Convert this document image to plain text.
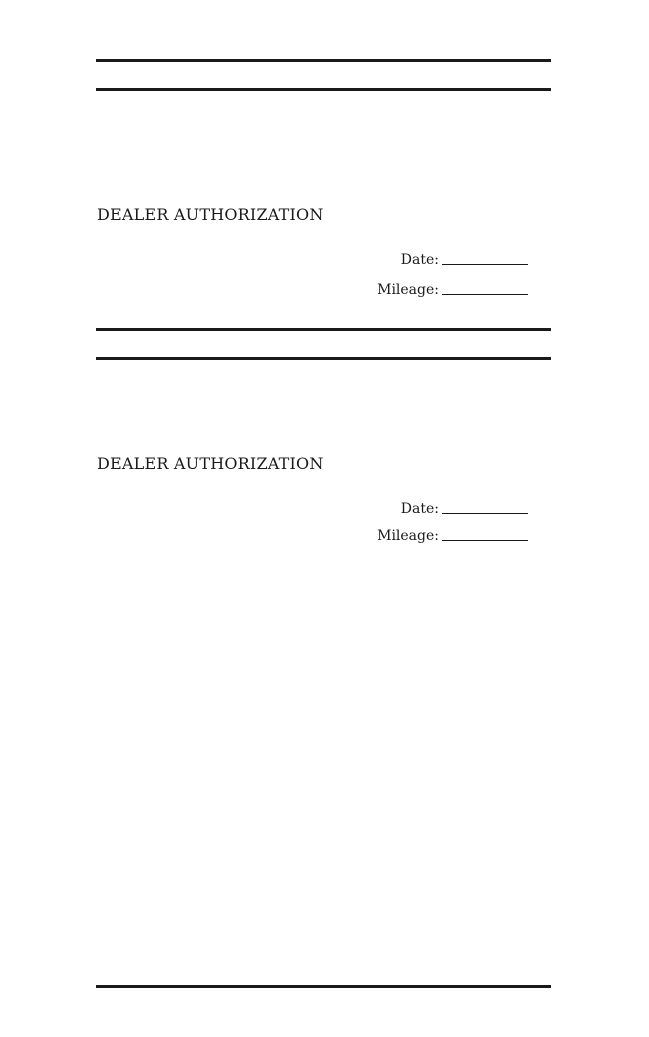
DEALER AUTHORIZATION
Date:
Mileage:
DEALER AUTHORIZATION
Date:
Mileage:
